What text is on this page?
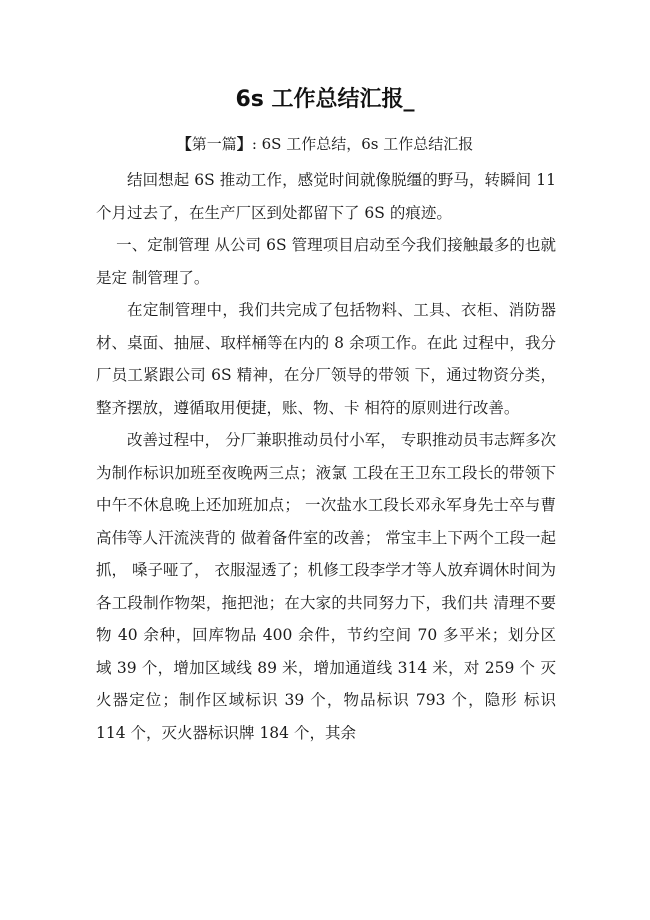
6s 工作总结汇报_
【第一篇】: 6S 工作总结，6s 工作总结汇报

结回想起 6S 推动工作，感觉时间就像脱缰的野马，转瞬间 11 个月过去了，在生产厂区到处都留下了 6S 的痕迹。

一、定制管理 从公司 6S 管理项目启动至今我们接触最多的也就是定 制管理了。

在定制管理中，我们共完成了包括物料、工具、衣柜、消防器材、桌面、抽屉、取样桶等在内的 8 余项工作。在此 过程中，我分厂员工紧跟公司 6S 精神，在分厂领导的带领 下，通过物资分类，整齐摆放，遵循取用便捷，账、物、卡 相符的原则进行改善。

改善过程中， 分厂兼职推动员付小军， 专职推动员韦志辉多次为制作标识加班至夜晚两三点；液氯 工段在王卫东工段长的带领下中午不休息晚上还加班加点； 一次盐水工段长邓永军身先士卒与曹高伟等人汗流浃背的 做着备件室的改善； 常宝丰上下两个工段一起抓， 嗓子哑了， 衣服湿透了；机修工段李学才等人放弃调休时间为各工段制作物架，拖把池；在大家的共同努力下，我们共 清理不要物 40 余种，回库物品 400 余件，节约空间 70 多平米；划分区 域 39 个，增加区域线 89 米，增加通道线 314 米，对 259 个 灭火器定位；制作区域标识 39 个，物品标识 793 个，隐形 标识 114 个，灭火器标识牌 184 个，其余
